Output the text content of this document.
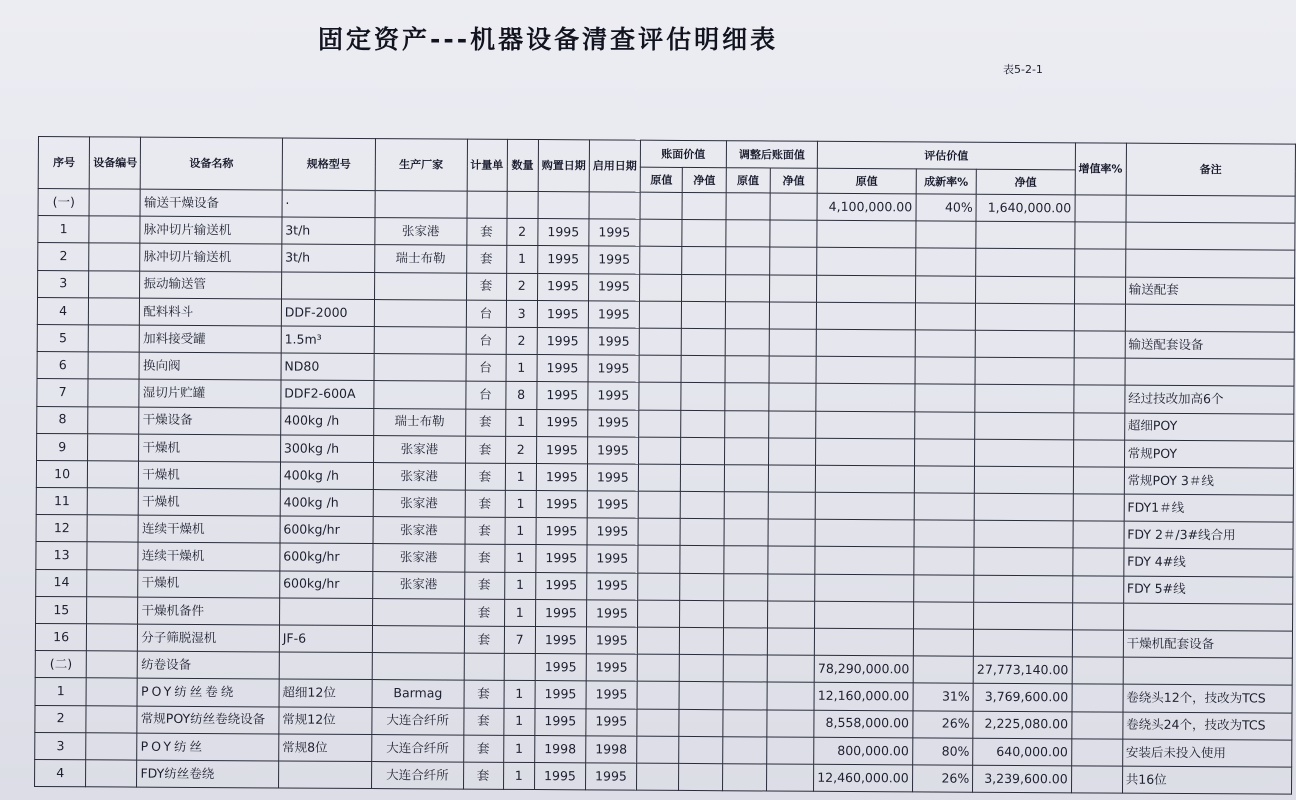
固定资产---机器设备清查评估明细表
表5-2-1
序号	设备编号	设备名称	规格型号	生产厂家	计量单	数量	购置日期	启用日期	账面价值		调整后账面值		评估价值			增值率%	备注
									原值	净值	原值	净值	原值	成新率%	净值		
(一)		输送干燥设备	·										4,100,000.00	40%	1,640,000.00		
1		脉冲切片输送机	3t/h	张家港	套	2	1995	1995									
2		脉冲切片输送机	3t/h	瑞士布勒	套	1	1995	1995									
3		振动输送管			套	2	1995	1995									输送配套
4		配料料斗	DDF-2000		台	3	1995	1995									
5		加料接受罐	1.5m³		台	2	1995	1995									输送配套设备
6		换向阀	ND80		台	1	1995	1995									
7		湿切片贮罐	DDF2-600A		台	8	1995	1995									经过技改加高6个
8		干燥设备	400kg /h	瑞士布勒	套	1	1995	1995									超细POY
9		干燥机	300kg /h	张家港	套	2	1995	1995									常规POY
10		干燥机	400kg /h	张家港	套	1	1995	1995									常规POY 3＃线
11		干燥机	400kg /h	张家港	套	1	1995	1995									FDY1＃线
12		连续干燥机	600kg/hr	张家港	套	1	1995	1995									FDY 2＃/3#线合用
13		连续干燥机	600kg/hr	张家港	套	1	1995	1995									FDY 4#线
14		干燥机	600kg/hr	张家港	套	1	1995	1995									FDY 5#线
15		干燥机备件			套	1	1995	1995									
16		分子筛脱湿机	JF-6		套	7	1995	1995									干燥机配套设备
(二)		纺卷设备					1995	1995					78,290,000.00		27,773,140.00		
1		POY纺丝卷绕	超细12位	Barmag	套	1	1995	1995					12,160,000.00	31%	3,769,600.00		卷绕头12个，技改为TCS
2		常规POY纺丝卷绕设备	常规12位	大连合纤所	套	1	1995	1995					8,558,000.00	26%	2,225,080.00		卷绕头24个，技改为TCS
3		POY纺丝	常规8位	大连合纤所	套	1	1998	1998					800,000.00	80%	640,000.00		安装后未投入使用
4		FDY纺丝卷绕		大连合纤所	套	1	1995	1995					12,460,000.00	26%	3,239,600.00		共16位
